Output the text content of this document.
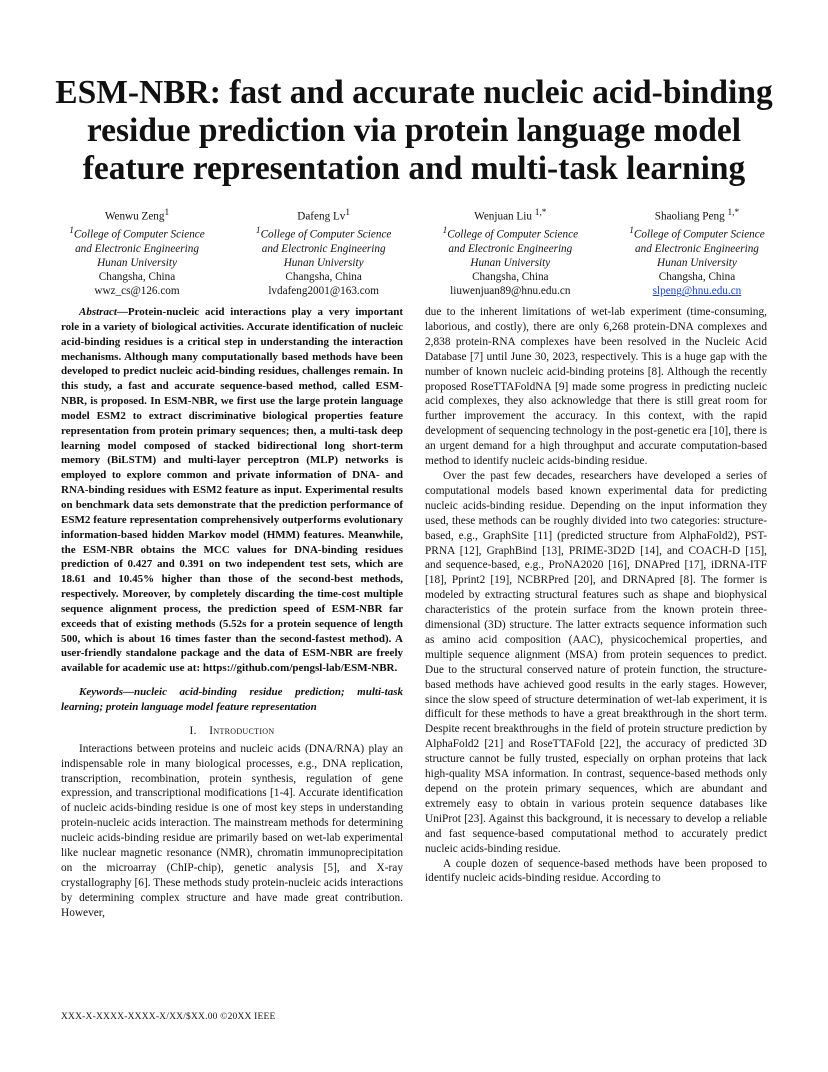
ESM-NBR: fast and accurate nucleic acid-binding residue prediction via protein language model feature representation and multi-task learning
Wenwu Zeng$^1$
$^1$College of Computer Science
and Electronic Engineering
Hunan University
Changsha, China
wwz_cs@126.com
Dafeng Lv$^1$
$^1$College of Computer Science
and Electronic Engineering
Hunan University
Changsha, China
lvdafeng2001@163.com
Wenjuan Liu $^{1,*}$
$^1$College of Computer Science
and Electronic Engineering
Hunan University
Changsha, China
liuwenjuan89@hnu.edu.cn
Shaoliang Peng $^{1,*}$
$^1$College of Computer Science
and Electronic Engineering
Hunan University
Changsha, China
slpeng@hnu.edu.cn
Abstract—Protein-nucleic acid interactions play a very important role in a variety of biological activities. Accurate identification of nucleic acid-binding residues is a critical step in understanding the interaction mechanisms. Although many computationally based methods have been developed to predict nucleic acid-binding residues, challenges remain. In this study, a fast and accurate sequence-based method, called ESM-NBR, is proposed. In ESM-NBR, we first use the large protein language model ESM2 to extract discriminative biological properties feature representation from protein primary sequences; then, a multi-task deep learning model composed of stacked bidirectional long short-term memory (BiLSTM) and multi-layer perceptron (MLP) networks is employed to explore common and private information of DNA- and RNA-binding residues with ESM2 feature as input. Experimental results on benchmark data sets demonstrate that the prediction performance of ESM2 feature representation comprehensively outperforms evolutionary information-based hidden Markov model (HMM) features. Meanwhile, the ESM-NBR obtains the MCC values for DNA-binding residues prediction of 0.427 and 0.391 on two independent test sets, which are 18.61 and 10.45% higher than those of the second-best methods, respectively. Moreover, by completely discarding the time-cost multiple sequence alignment process, the prediction speed of ESM-NBR far exceeds that of existing methods (5.52s for a protein sequence of length 500, which is about 16 times faster than the second-fastest method). A user-friendly standalone package and the data of ESM-NBR are freely available for academic use at: https://github.com/pengsl-lab/ESM-NBR.
Keywords—nucleic acid-binding residue prediction; multi-task learning; protein language model feature representation
I. Introduction
Interactions between proteins and nucleic acids (DNA/RNA) play an indispensable role in many biological processes, e.g., DNA replication, transcription, recombination, protein synthesis, regulation of gene expression, and transcriptional modifications [1-4]. Accurate identification of nucleic acids-binding residue is one of most key steps in understanding protein-nucleic acids interaction. The mainstream methods for determining nucleic acids-binding residue are primarily based on wet-lab experimental like nuclear magnetic resonance (NMR), chromatin immunoprecipitation on the microarray (ChIP-chip), genetic analysis [5], and X-ray crystallography [6]. These methods study protein-nucleic acids interactions by determining complex structure and have made great contribution. However,
due to the inherent limitations of wet-lab experiment (time-consuming, laborious, and costly), there are only 6,268 protein-DNA complexes and 2,838 protein-RNA complexes have been resolved in the Nucleic Acid Database [7] until June 30, 2023, respectively. This is a huge gap with the number of known nucleic acid-binding proteins [8]. Although the recently proposed RoseTTAFoldNA [9] made some progress in predicting nucleic acid complexes, they also acknowledge that there is still great room for further improvement the accuracy. In this context, with the rapid development of sequencing technology in the post-genetic era [10], there is an urgent demand for a high throughput and accurate computation-based method to identify nucleic acids-binding residue.
Over the past few decades, researchers have developed a series of computational models based known experimental data for predicting nucleic acids-binding residue. Depending on the input information they used, these methods can be roughly divided into two categories: structure-based, e.g., GraphSite [11] (predicted structure from AlphaFold2), PST-PRNA [12], GraphBind [13], PRIME-3D2D [14], and COACH-D [15], and sequence-based, e.g., ProNA2020 [16], DNAPred [17], iDRNA-ITF [18], Pprint2 [19], NCBRPred [20], and DRNApred [8]. The former is modeled by extracting structural features such as shape and biophysical characteristics of the protein surface from the known protein three-dimensional (3D) structure. The latter extracts sequence information such as amino acid composition (AAC), physicochemical properties, and multiple sequence alignment (MSA) from protein sequences to predict. Due to the structural conserved nature of protein function, the structure-based methods have achieved good results in the early stages. However, since the slow speed of structure determination of wet-lab experiment, it is difficult for these methods to have a great breakthrough in the short term. Despite recent breakthroughs in the field of protein structure prediction by AlphaFold2 [21] and RoseTTAFold [22], the accuracy of predicted 3D structure cannot be fully trusted, especially on orphan proteins that lack high-quality MSA information. In contrast, sequence-based methods only depend on the protein primary sequences, which are abundant and extremely easy to obtain in various protein sequence databases like UniProt [23]. Against this background, it is necessary to develop a reliable and fast sequence-based computational method to accurately predict nucleic acids-binding residue.
A couple dozen of sequence-based methods have been proposed to identify nucleic acids-binding residue. According to
XXX-X-XXXX-XXXX-X/XX/$XX.00 ©20XX IEEE
